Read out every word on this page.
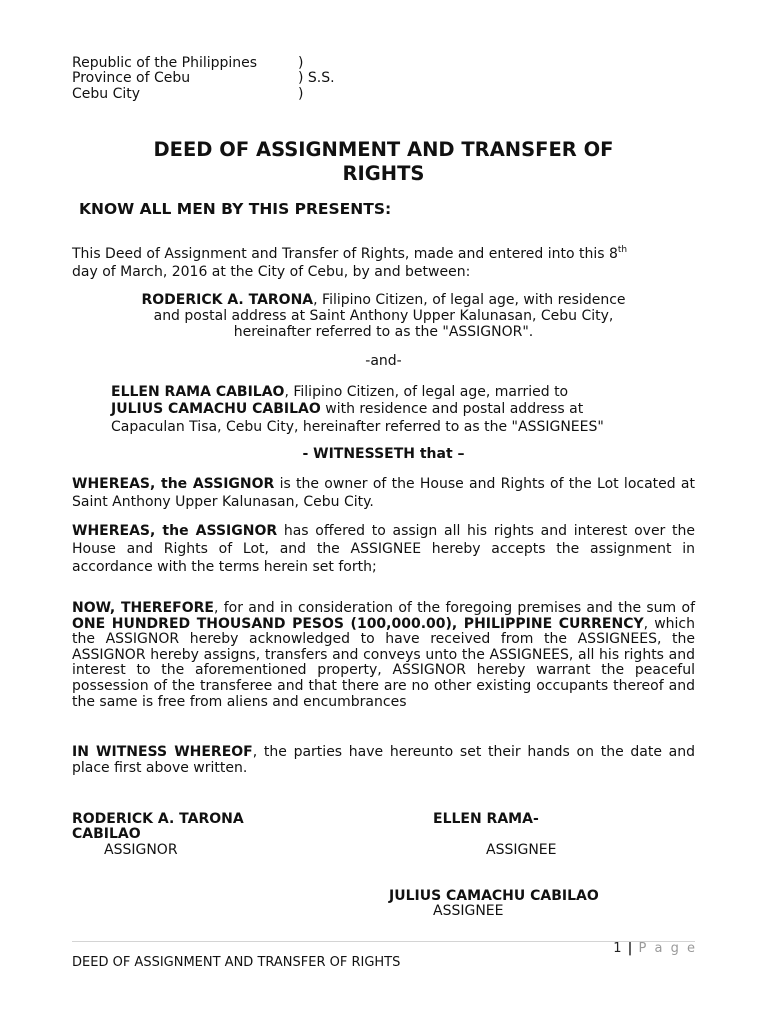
Republic of the Philippines	)
Province of Cebu	) S.S.
Cebu City	)
DEED OF ASSIGNMENT AND TRANSFER OF
RIGHTS
KNOW ALL MEN BY THIS PRESENTS:
This Deed of Assignment and Transfer of Rights, made and entered into this 8th
day of March, 2016 at the City of Cebu, by and between:
RODERICK A. TARONA, Filipino Citizen, of legal age, with residence
and postal address at Saint Anthony Upper Kalunasan, Cebu City,
hereinafter referred to as the "ASSIGNOR".
-and-
ELLEN RAMA CABILAO, Filipino Citizen, of legal age, married to
JULIUS CAMACHU CABILAO with residence and postal address at
Capaculan Tisa, Cebu City, hereinafter referred to as the "ASSIGNEES"
- WITNESSETH that –
WHEREAS, the ASSIGNOR is the owner of the House and Rights of the Lot located at Saint Anthony Upper Kalunasan, Cebu City.
WHEREAS, the ASSIGNOR has offered to assign all his rights and interest over the House and Rights of Lot, and the ASSIGNEE hereby accepts the assignment in accordance with the terms herein set forth;
NOW, THEREFORE, for and in consideration of the foregoing premises and the sum of ONE HUNDRED THOUSAND PESOS (100,000.00), PHILIPPINE CURRENCY, which the ASSIGNOR hereby acknowledged to have received from the ASSIGNEES, the ASSIGNOR hereby assigns, transfers and conveys unto the ASSIGNEES, all his rights and interest to the aforementioned property, ASSIGNOR hereby warrant the peaceful possession of the transferee and that there are no other existing occupants thereof and the same is free from aliens and encumbrances
IN WITNESS WHEREOF, the parties have hereunto set their hands on the date and place first above written.
RODERICK A. TARONA	ELLEN RAMA-
CABILAO
ASSIGNOR	ASSIGNEE
JULIUS CAMACHU CABILAO
ASSIGNEE
1 | P a g e
DEED OF ASSIGNMENT AND TRANSFER OF RIGHTS
